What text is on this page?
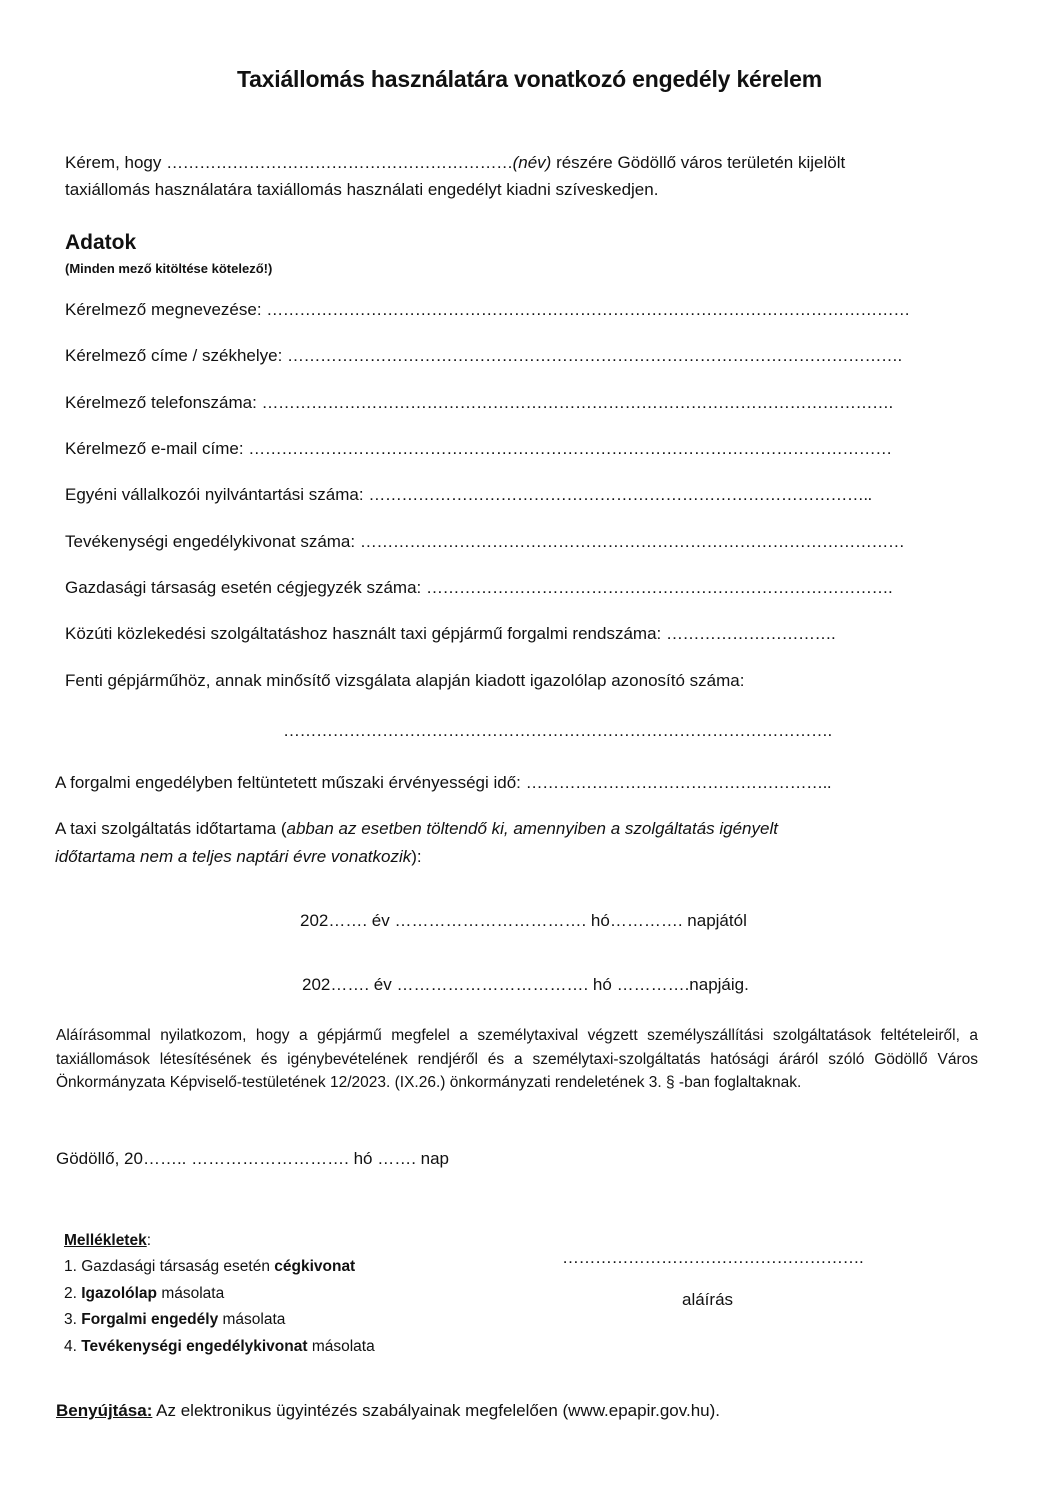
Taxiállomás használatára vonatkozó engedély kérelem
Kérem, hogy ………………………………………………………(név) részére Gödöllő város területén kijelölt
taxiállomás használatára taxiállomás használati engedélyt kiadni szíveskedjen.
Adatok
(Minden mező kitöltése kötelező!)
Kérelmező megnevezése: ………………………………………………………………………………………………………
Kérelmező címe / székhelye: ………………………………………………………………………………………………….
Kérelmező telefonszáma: …………………………………………………………………………………………………….
Kérelmező e-mail címe: ………………………………………………………………………………………………………
Egyéni vállalkozói nyilvántartási száma: ………………………………………………………………………………..
Tevékenységi engedélykivonat száma: ………………………………………………………………………………………
Gazdasági társaság esetén cégjegyzék száma: ………………………………………………………………………….
Közúti közlekedési szolgáltatáshoz használt taxi gépjármű forgalmi rendszáma: ………………………….
Fenti gépjárműhöz, annak minősítő vizsgálata alapján kiadott igazolólap azonosító száma:
……………………………………………………………………………………….
A forgalmi engedélyben feltüntetett műszaki érvényességi idő: ………………………………………………..
A taxi szolgáltatás időtartama (abban az esetben töltendő ki, amennyiben a szolgáltatás igényelt
időtartama nem a teljes naptári évre vonatkozik):
202……. év ……………………………. hó…………. napjától
202……. év ……………………………. hó ………….napjáig.
Aláírásommal nyilatkozom, hogy a gépjármű megfelel a személytaxival végzett személyszállítási szolgáltatások feltételeiről, a taxiállomások létesítésének és igénybevételének rendjéről és a személytaxi-szolgáltatás hatósági áráról szóló Gödöllő Város Önkormányzata Képviselő-testületének 12/2023. (IX.26.) önkormányzati rendeletének 3. § -ban foglaltaknak.
Gödöllő, 20…….. ………………………. hó ……. nap
Mellékletek:
1. Gazdasági társaság esetén cégkivonat
2. Igazolólap másolata
3. Forgalmi engedély másolata
4. Tevékenységi engedélykivonat másolata
……………………………………………….
aláírás
Benyújtása: Az elektronikus ügyintézés szabályainak megfelelően (www.epapir.gov.hu).
